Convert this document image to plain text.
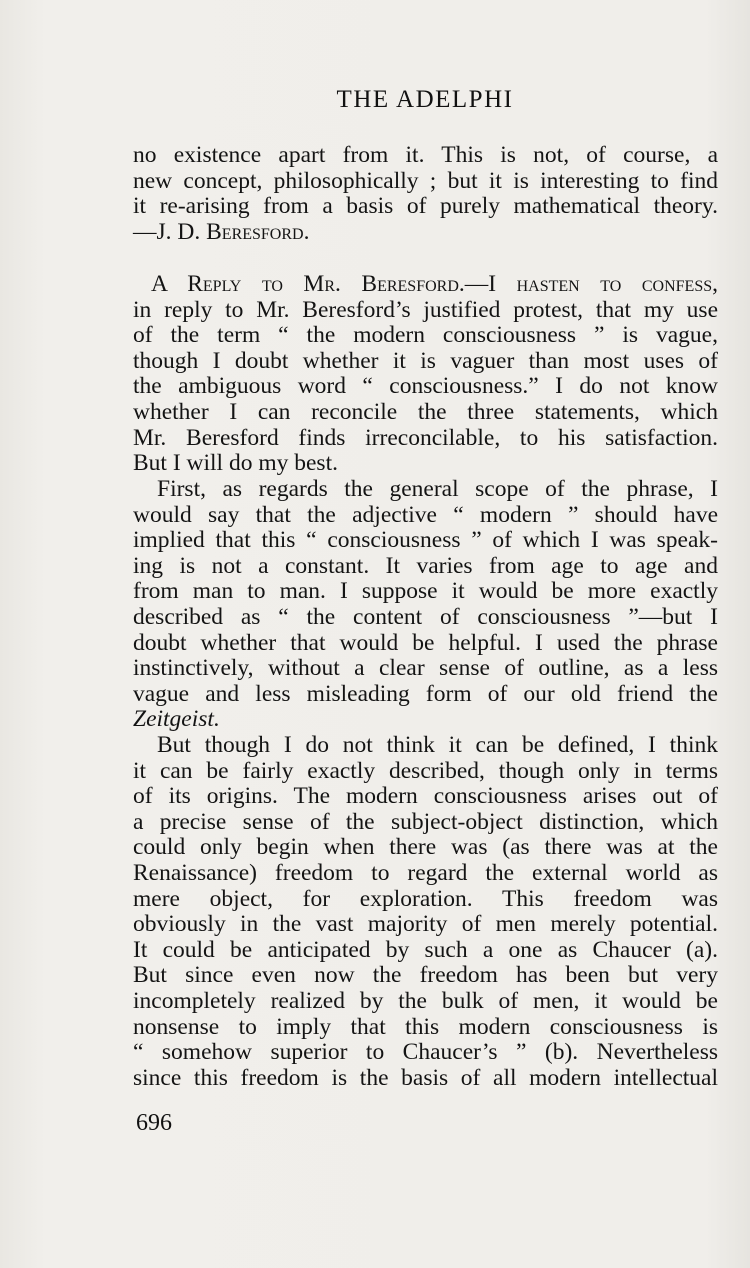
THE ADELPHI
no existence apart from it. This is not, of course, a
new concept, philosophically ; but it is interesting to find
it re-arising from a basis of purely mathematical theory.
—J. D. Beresford.
A Reply to Mr. Beresford.—I hasten to confess,
in reply to Mr. Beresford’s justified protest, that my use
of the term “ the modern consciousness ” is vague,
though I doubt whether it is vaguer than most uses of
the ambiguous word “ consciousness.” I do not know
whether I can reconcile the three statements, which
Mr. Beresford finds irreconcilable, to his satisfaction.
But I will do my best.
First, as regards the general scope of the phrase, I
would say that the adjective “ modern ” should have
implied that this “ consciousness ” of which I was speak-
ing is not a constant. It varies from age to age and
from man to man. I suppose it would be more exactly
described as “ the content of consciousness ”—but I
doubt whether that would be helpful. I used the phrase
instinctively, without a clear sense of outline, as a less
vague and less misleading form of our old friend the
Zeitgeist.
But though I do not think it can be defined, I think
it can be fairly exactly described, though only in terms
of its origins. The modern consciousness arises out of
a precise sense of the subject-object distinction, which
could only begin when there was (as there was at the
Renaissance) freedom to regard the external world as
mere object, for exploration. This freedom was
obviously in the vast majority of men merely potential.
It could be anticipated by such a one as Chaucer (a).
But since even now the freedom has been but very
incompletely realized by the bulk of men, it would be
nonsense to imply that this modern consciousness is
“ somehow superior to Chaucer’s ” (b). Nevertheless
since this freedom is the basis of all modern intellectual
696
